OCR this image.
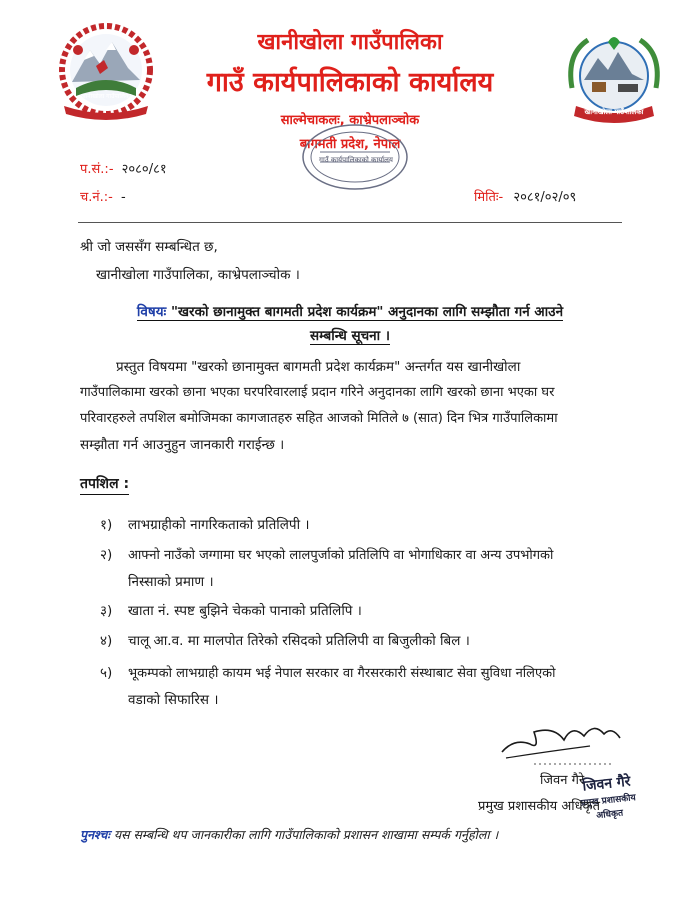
खानीखोला गाउँपालिका
खानीखोला गाउँपालिका
खानीखोला गाउँपालिका
गाउँ कार्यपालिकाको कार्यालय
साल्मेचाकलः, काभ्रेपलाञ्चोक
बागमती प्रदेश, नेपाल
गाउँ कार्यपालिकाको कार्यालय
प.सं.:- २०८०/८१
च.नं.:- -	मितिः- २०८१/०२/०९
श्री जो जससँग सम्बन्धित छ,
खानीखोला गाउँपालिका, काभ्रेपलाञ्चोक ।
विषयः "खरको छानामुक्त बागमती प्रदेश कार्यक्रम" अनुदानका लागि सम्झौता गर्न आउने
सम्बन्धि सूचना ।
प्रस्तुत विषयमा "खरको छानामुक्त बागमती प्रदेश कार्यक्रम" अन्तर्गत यस खानीखोला
गाउँपालिकामा खरको छाना भएका घरपरिवारलाई प्रदान गरिने अनुदानका लागि खरको छाना भएका घर
परिवारहरुले तपशिल बमोजिमका कागजातहरु सहित आजको मितिले ७ (सात) दिन भित्र गाउँपालिकामा
सम्झौता गर्न आउनुहुन जानकारी गराईन्छ ।
तपशिल :
१) लाभग्राहीको नागरिकताको प्रतिलिपी ।
२) आफ्नो नाउँको जग्गामा घर भएको लालपुर्जाको प्रतिलिपि वा भोगाधिकार वा अन्य उपभोगको
निस्साको प्रमाण ।
३) खाता नं. स्पष्ट बुझिने चेकको पानाको प्रतिलिपि ।
४) चालू आ.व. मा मालपोत तिरेको रसिदको प्रतिलिपी वा बिजुलीको बिल ।
५) भूकम्पको लाभग्राही कायम भई नेपाल सरकार वा गैरसरकारी संस्थाबाट सेवा सुविधा नलिएको
वडाको सिफारिस ।
जिवन गैरे
प्रमुख प्रशासकीय अधिकृत
जिवन गैरे
प्रमुख प्रशासकीय अधिकृत
पुनश्चः यस सम्बन्धि थप जानकारीका लागि गाउँपालिकाको प्रशासन शाखामा सम्पर्क गर्नुहोला ।
